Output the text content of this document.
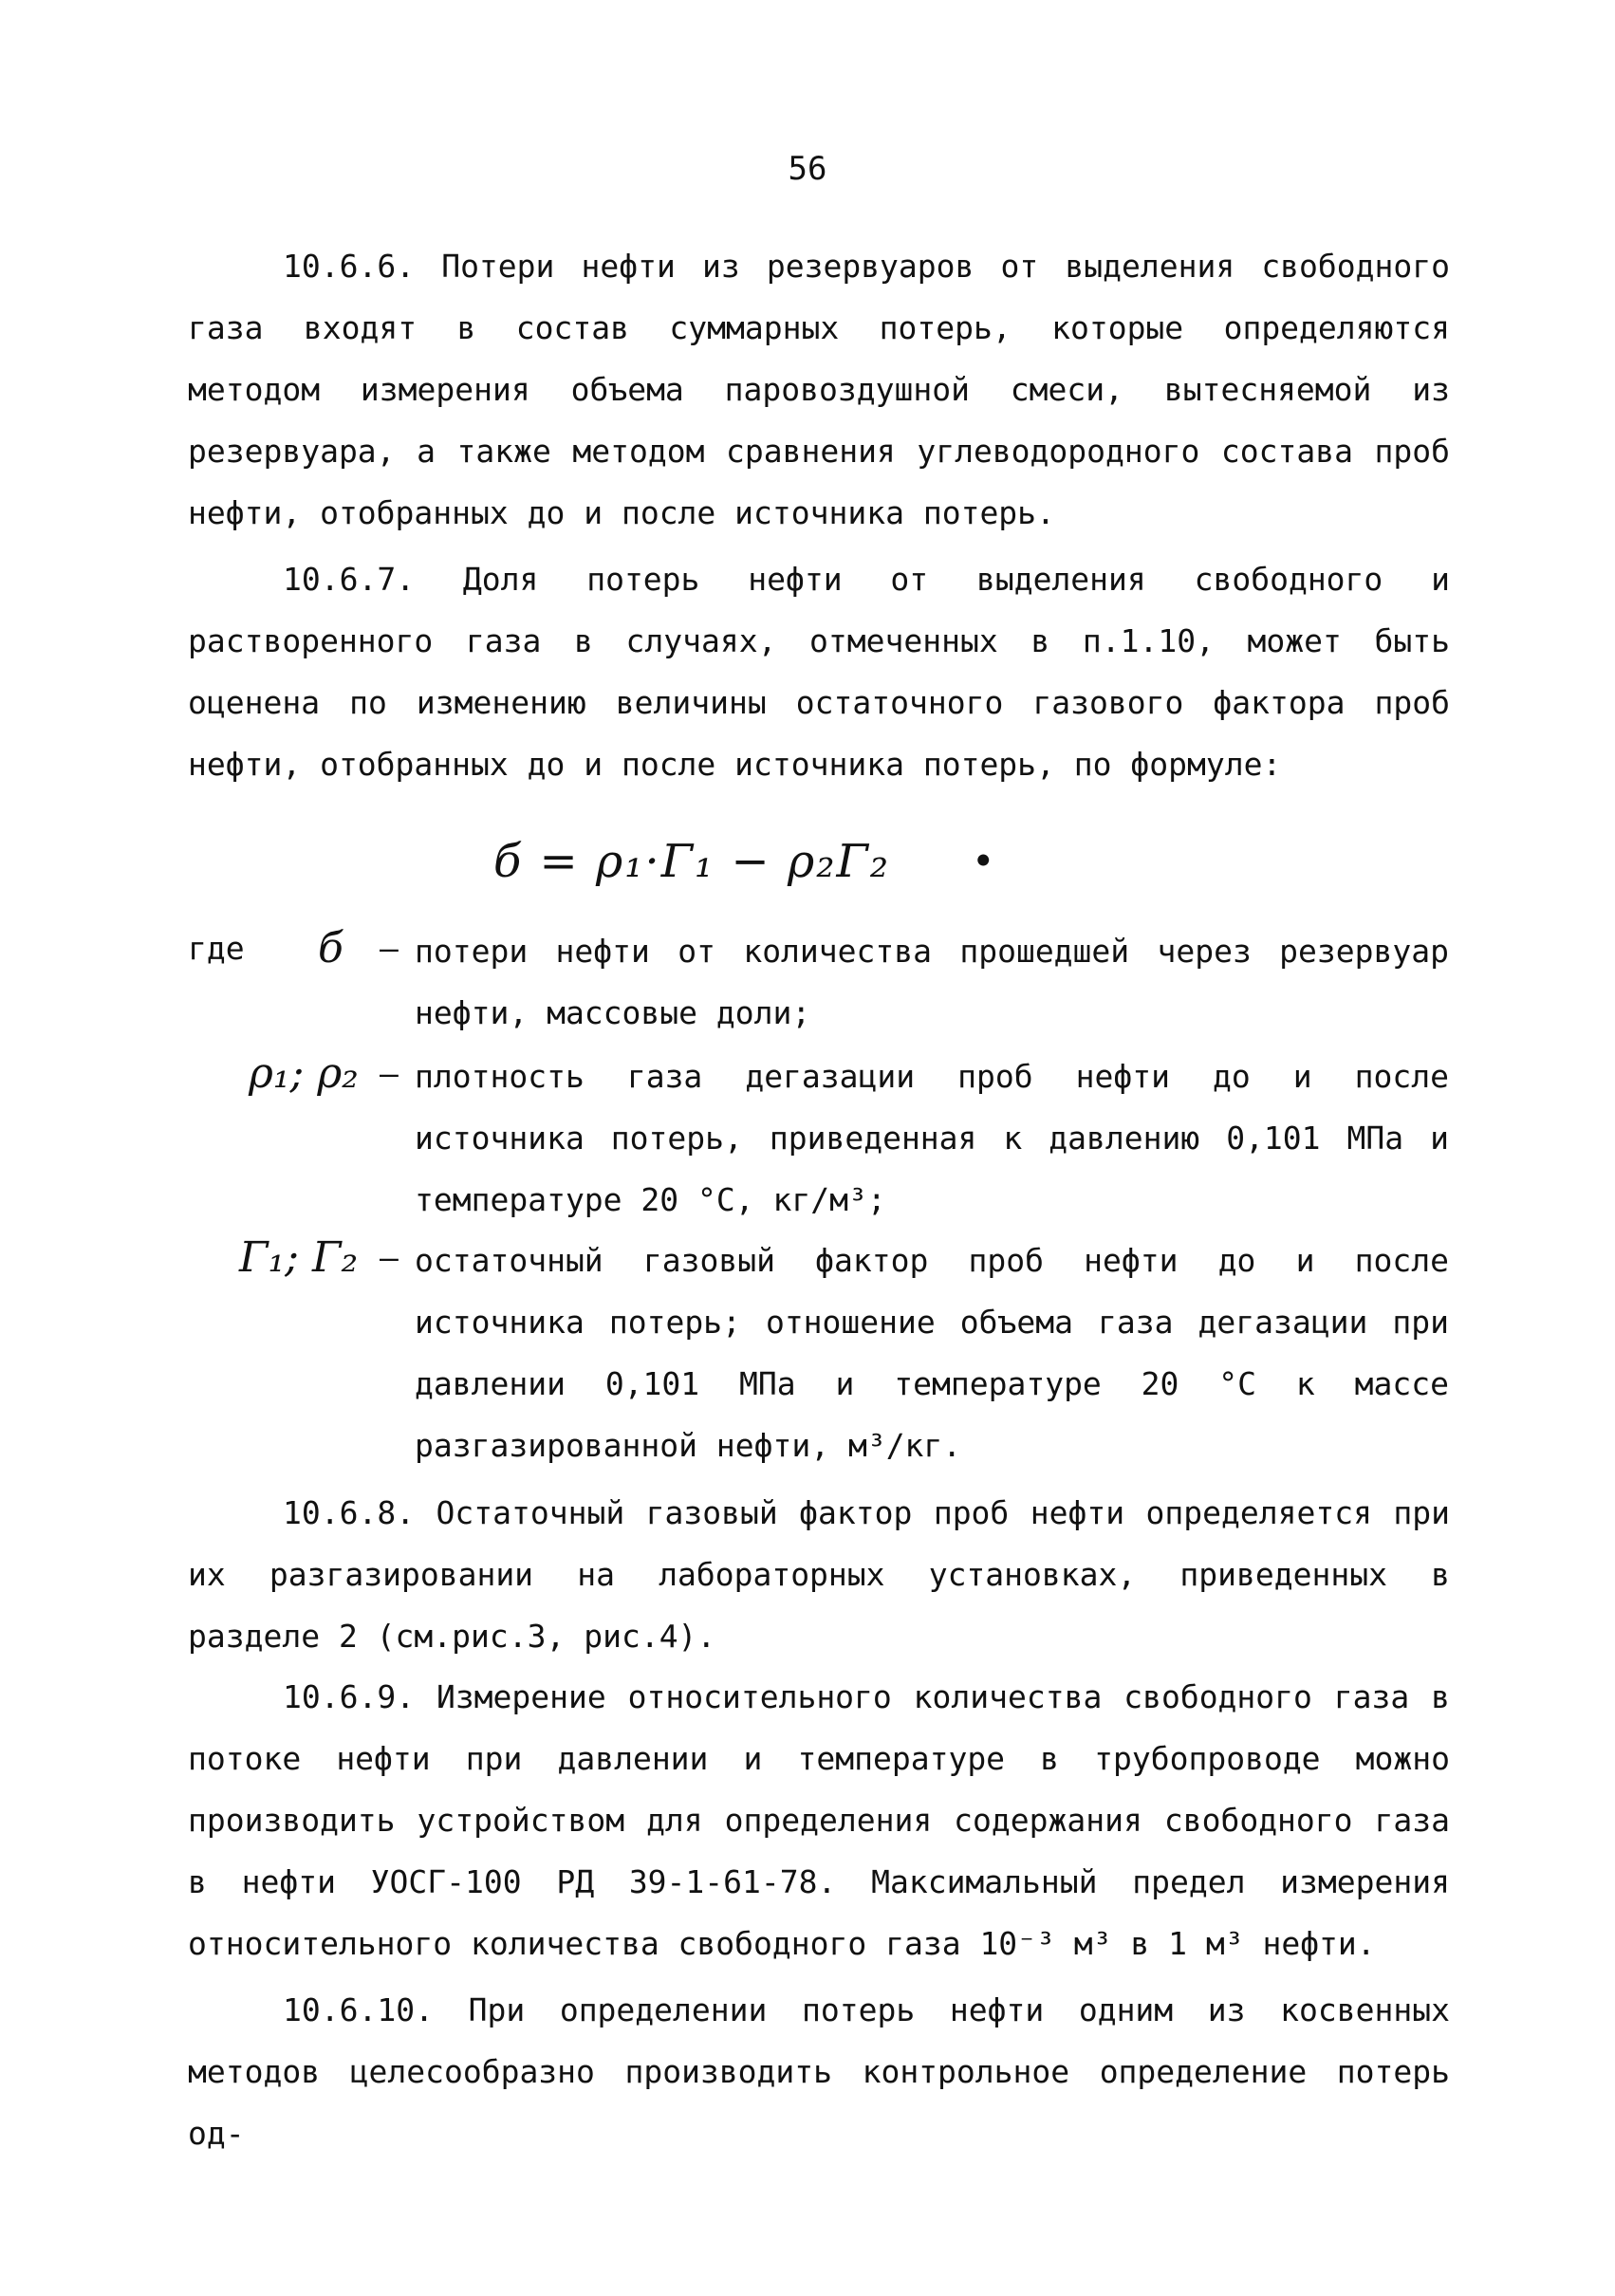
56

10.6.6. Потери нефти из резервуаров от выделения свободного газа входят в состав суммарных потерь, которые определяются методом измерения объема паровоздушной смеси, вытесняемой из резервуара, а также методом сравнения углеводородного состава проб нефти, отобранных до и после источника потерь.

10.6.7. Доля потерь нефти от выделения свободного и растворенного газа в случаях, отмеченных в п.1.10, может быть оценена по изменению величины остаточного газового фактора проб нефти, отобранных до и после источника потерь, по формуле:

б = ρ₁·Γ₁ − ρ₂Γ₂	•
где б – потери нефти от количества прошедшей через резервуар нефти, массовые доли;

ρ₁; ρ₂ – плотность газа дегазации проб нефти до и после источника потерь, приведенная к давлению 0,101 МПа и температуре 20 °С, кг/м³;

Γ₁; Γ₂ – остаточный газовый фактор проб нефти до и после источника потерь; отношение объема газа дегазации при давлении 0,101 МПа и температуре 20 °С к массе разгазированной нефти, м³/кг.

10.6.8. Остаточный газовый фактор проб нефти определяется при их разгазировании на лабораторных установках, приведенных в разделе 2 (см.рис.3, рис.4).

10.6.9. Измерение относительного количества свободного газа в потоке нефти при давлении и температуре в трубопроводе можно производить устройством для определения содержания свободного газа в нефти УОСГ-100 РД 39-1-61-78. Максимальный предел измерения относительного количества свободного газа 10⁻³ м³ в 1 м³ нефти.

10.6.10. При определении потерь нефти одним из косвенных методов целесообразно производить контрольное определение потерь од-
